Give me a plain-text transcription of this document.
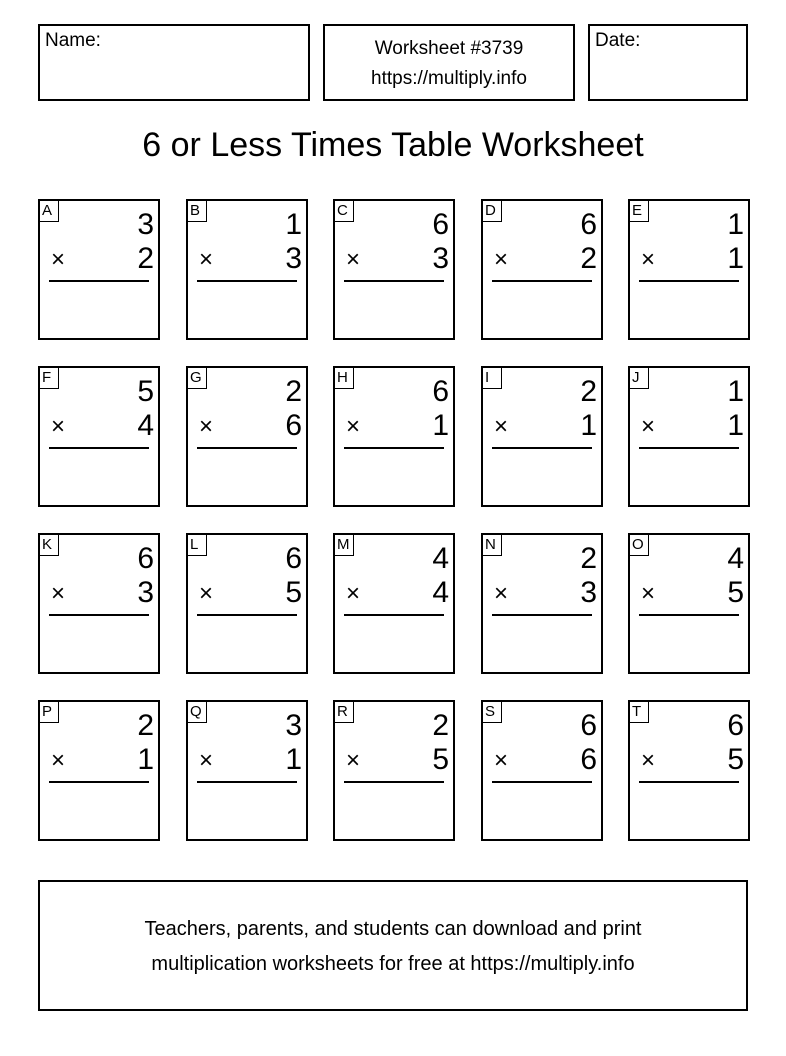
Name:	Worksheet #3739
https://multiply.info
Date:
6 or Less Times Table Worksheet
A	3
× 2
B	1
× 3
C	6
× 3
D	6
× 2
E	1
× 1
F	5
× 4
G	2
× 6
H	6
× 1
I	2
× 1
J	1
× 1
K	6
× 3
L	6
× 5
M	4
× 4
N	2
× 3
O	4
× 5
P	2
× 1
Q	3
× 1
R	2
× 5
S	6
× 6
T	6
× 5
Teachers, parents, and students can download and print
multiplication worksheets for free at https://multiply.info
